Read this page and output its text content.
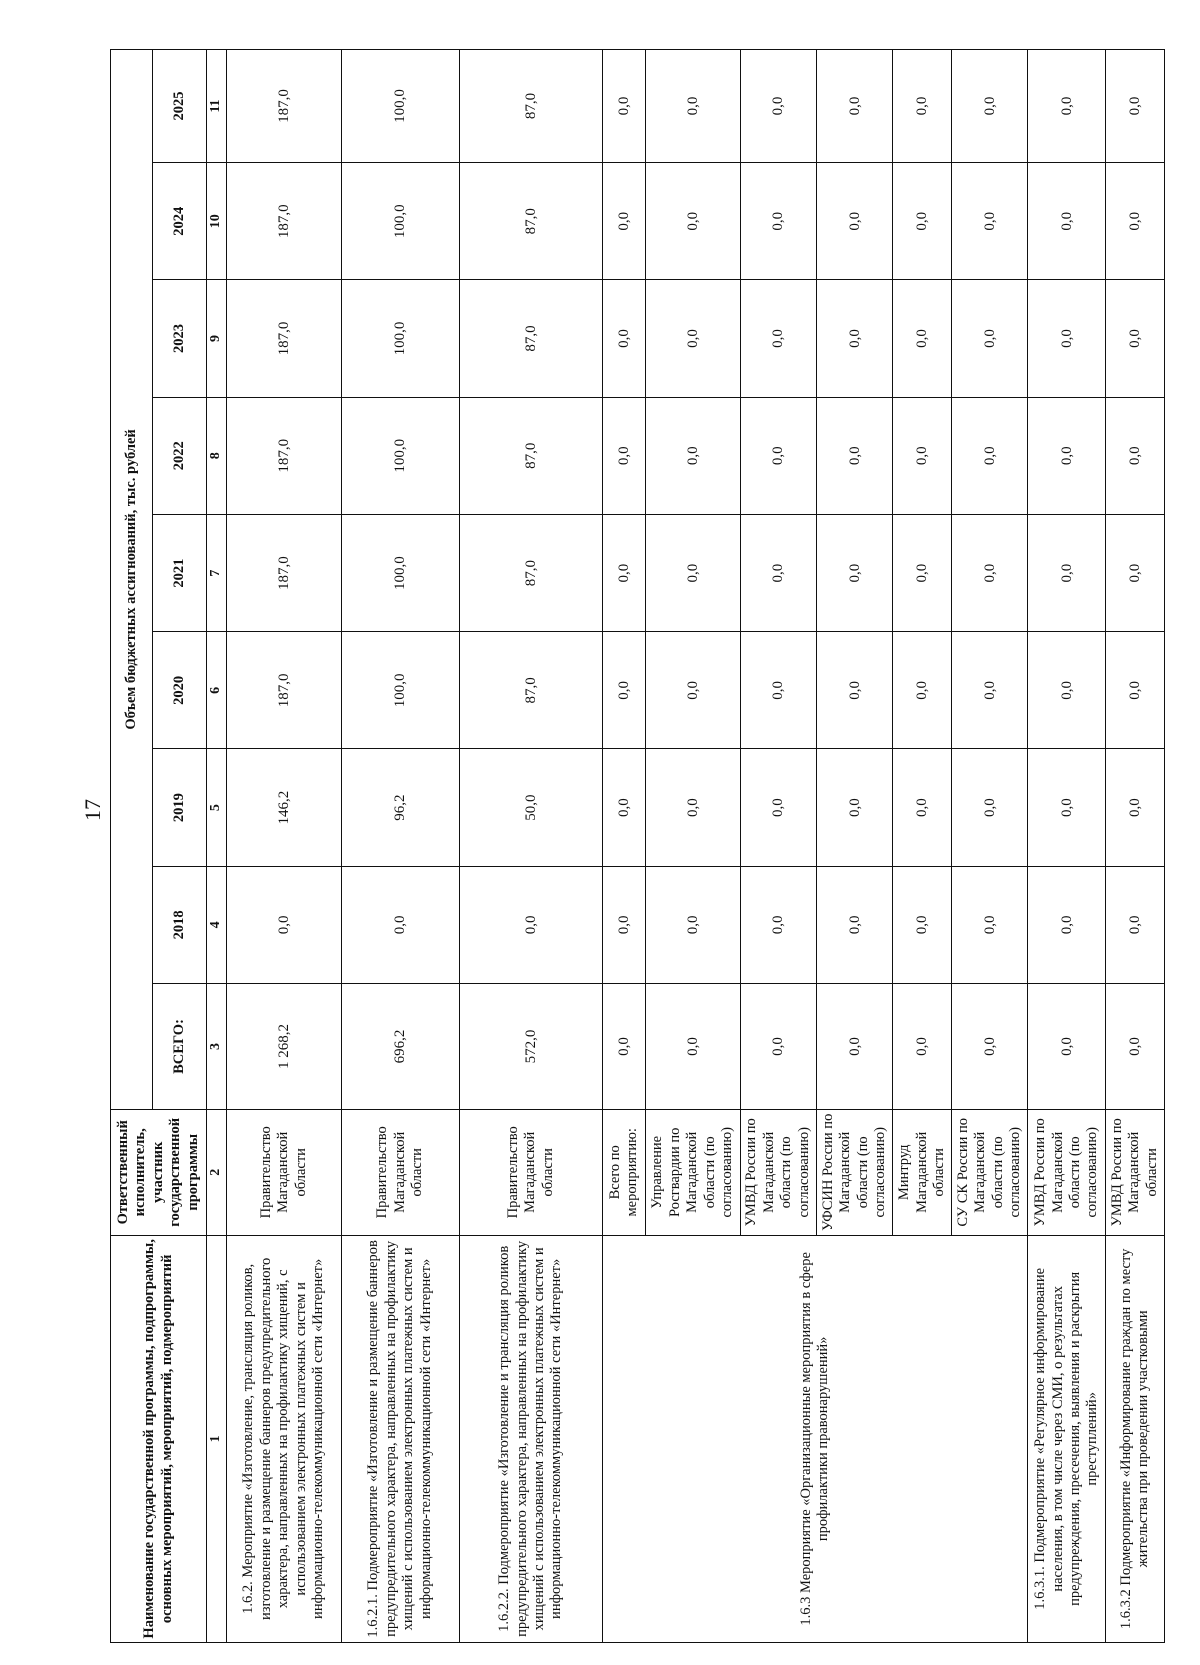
17
Наименование государственной программы, подпрограммы, основных мероприятий, мероприятий, подмероприятий	Ответственный исполнитель, участник государственной программы	Объем бюджетных ассигнований, тыс. рублей								
		ВСЕГО:	2018	2019	2020	2021	2022	2023	2024	2025
1	2	3	4	5	6	7	8	9	10	11
1.6.2. Мероприятие «Изготовление, трансляция роликов, изготовление и размещение баннеров предупредительного характера, направленных на профилактику хищений, с использованием электронных платежных систем и информационно-телекоммуникационной сети «Интернет»	Правительство Магаданской области	1 268,2	0,0	146,2	187,0	187,0	187,0	187,0	187,0	187,0
1.6.2.1. Подмероприятие «Изготовление и размещение баннеров предупредительного характера, направленных на профилактику хищений с использованием электронных платежных систем и информационно-телекоммуникационной сети «Интернет»	Правительство Магаданской области	696,2	0,0	96,2	100,0	100,0	100,0	100,0	100,0	100,0
1.6.2.2. Подмероприятие «Изготовление и трансляция роликов предупредительного характера, направленных на профилактику хищений с использованием электронных платежных систем и информационно-телекоммуникационной сети «Интернет»	Правительство Магаданской области	572,0	0,0	50,0	87,0	87,0	87,0	87,0	87,0	87,0
1.6.3 Мероприятие «Организационные мероприятия в сфере профилактики правонарушений»	Всего по мероприятию:	0,0	0,0	0,0	0,0	0,0	0,0	0,0	0,0	0,0
	Управление Росгвардии по Магаданской области (по согласованию)	0,0	0,0	0,0	0,0	0,0	0,0	0,0	0,0	0,0
	УМВД России по Магаданской области (по согласованию)	0,0	0,0	0,0	0,0	0,0	0,0	0,0	0,0	0,0
	УФСИН России по Магаданской области (по согласованию)	0,0	0,0	0,0	0,0	0,0	0,0	0,0	0,0	0,0
	Минтруд Магаданской области	0,0	0,0	0,0	0,0	0,0	0,0	0,0	0,0	0,0
	СУ СК России по Магаданской области (по согласованию)	0,0	0,0	0,0	0,0	0,0	0,0	0,0	0,0	0,0
1.6.3.1. Подмероприятие «Регулярное информирование населения, в том числе через СМИ, о результатах предупреждения, пресечения, выявления и раскрытия преступлений»	УМВД России по Магаданской области (по согласованию)	0,0	0,0	0,0	0,0	0,0	0,0	0,0	0,0	0,0
1.6.3.2 Подмероприятие «Информирование граждан по месту жительства при проведении участковыми	УМВД России по Магаданской области	0,0	0,0	0,0	0,0	0,0	0,0	0,0	0,0	0,0
